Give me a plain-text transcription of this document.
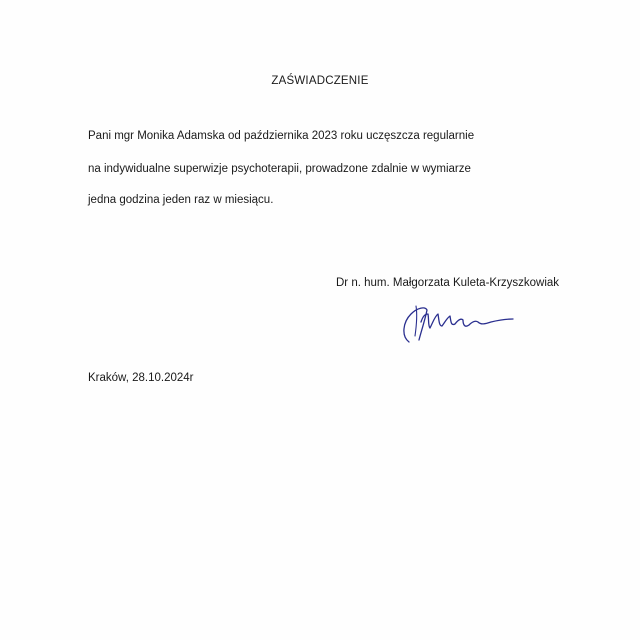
ZAŚWIADCZENIE
Pani mgr Monika Adamska od października 2023 roku uczęszcza regularnie
na indywidualne superwizje psychoterapii, prowadzone zdalnie w wymiarze
jedna godzina jeden raz w miesiącu.
Dr n. hum. Małgorzata Kuleta-Krzyszkowiak
Kraków, 28.10.2024r
